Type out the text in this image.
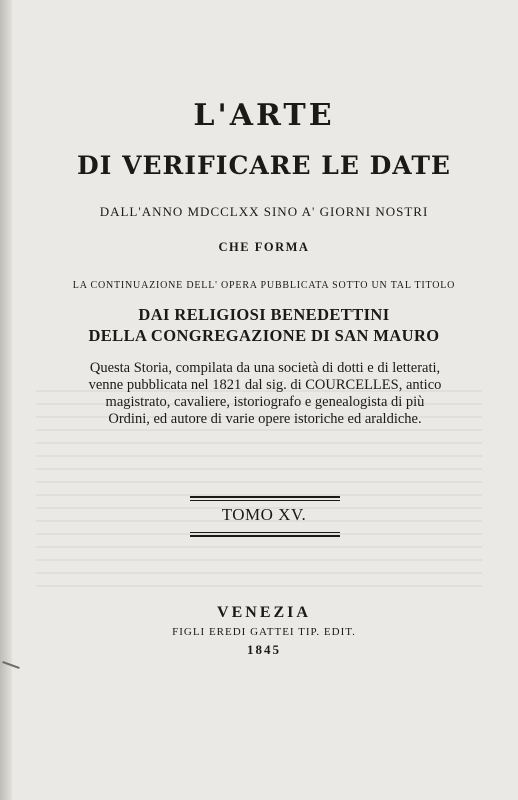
L'ARTE
DI VERIFICARE LE DATE
DALL'ANNO MDCCLXX SINO A' GIORNI NOSTRI
CHE FORMA
LA CONTINUAZIONE DELL' OPERA PUBBLICATA SOTTO UN TAL TITOLO
DAI RELIGIOSI BENEDETTINI
DELLA CONGREGAZIONE DI SAN MAURO
Questa Storia, compilata da una società di dotti e di letterati,
venne pubblicata nel 1821 dal sig. di COURCELLES, antico
magistrato, cavaliere, istoriografo e genealogista di più
Ordini, ed autore di varie opere istoriche ed araldiche.
TOMO XV.
VENEZIA
FIGLI EREDI GATTEI TIP. EDIT.
1845
